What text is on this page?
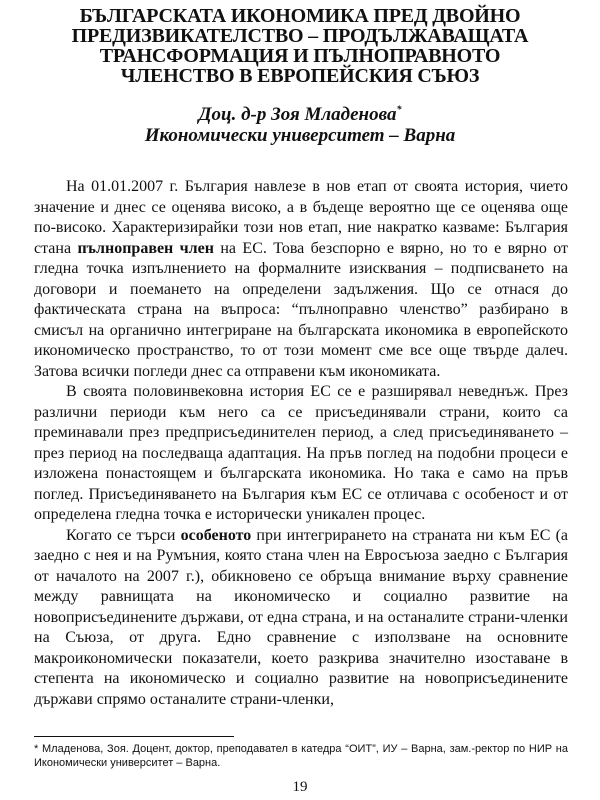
БЪЛГАРСКАТА ИКОНОМИКА ПРЕД ДВОЙНО
ПРЕДИЗВИКАТЕЛСТВО – ПРОДЪЛЖАВАЩАТА
ТРАНСФОРМАЦИЯ И ПЪЛНОПРАВНОТО
ЧЛЕНСТВО В ЕВРОПЕЙСКИЯ СЪЮЗ
Доц. д-р Зоя Младенова*
Икономически университет – Варна

На 01.01.2007 г. България навлезе в нов етап от своята история, чието значение и днес се оценява високо, а в бъдеще вероятно ще се оценява още по-високо. Характеризирайки този нов етап, ние накратко казваме: България стана пълноправен член на ЕС. Това безспорно е вярно, но то е вярно от гледна точка изпълнението на формалните изисквания – подписването на договори и поемането на определени задължения. Що се отнася до фактическата страна на въпроса: “пълноправно членство” разбирано в смисъл на органично интегриране на българската икономика в европейското икономическо пространство, то от този момент сме все още твърде далеч. Затова всички погледи днес са отправени към икономиката.

В своята половинвековна история ЕС се е разширявал неведнъж. През различни периоди към него са се присъединявали страни, които са преминавали през предприсъединителен период, а след присъединяването – през период на последваща адаптация. На пръв поглед на подобни процеси е изложена понастоящем и българската икономика. Но така е само на пръв поглед. Присъединяването на България към ЕС се отличава с особеност и от определена гледна точка е исторически уникален процес.

Когато се търси особеното при интегрирането на страната ни към ЕС (а заедно с нея и на Румъния, която стана член на Евросъюза заедно с България от началото на 2007 г.), обикновено се обръща внимание върху сравнение между равнищата на икономическо и социално развитие на новоприсъединените държави, от една страна, и на останалите страни-членки на Съюза, от друга. Едно сравнение с използване на основните макроикономически показатели, което разкрива значително изоставане в степента на икономическо и социално развитие на новоприсъединените държави спрямо останалите страни-членки,

* Младенова, Зоя. Доцент, доктор, преподавател в катедра “ОИТ”, ИУ – Варна, зам.-ректор по НИР на Икономически университет – Варна.
19
